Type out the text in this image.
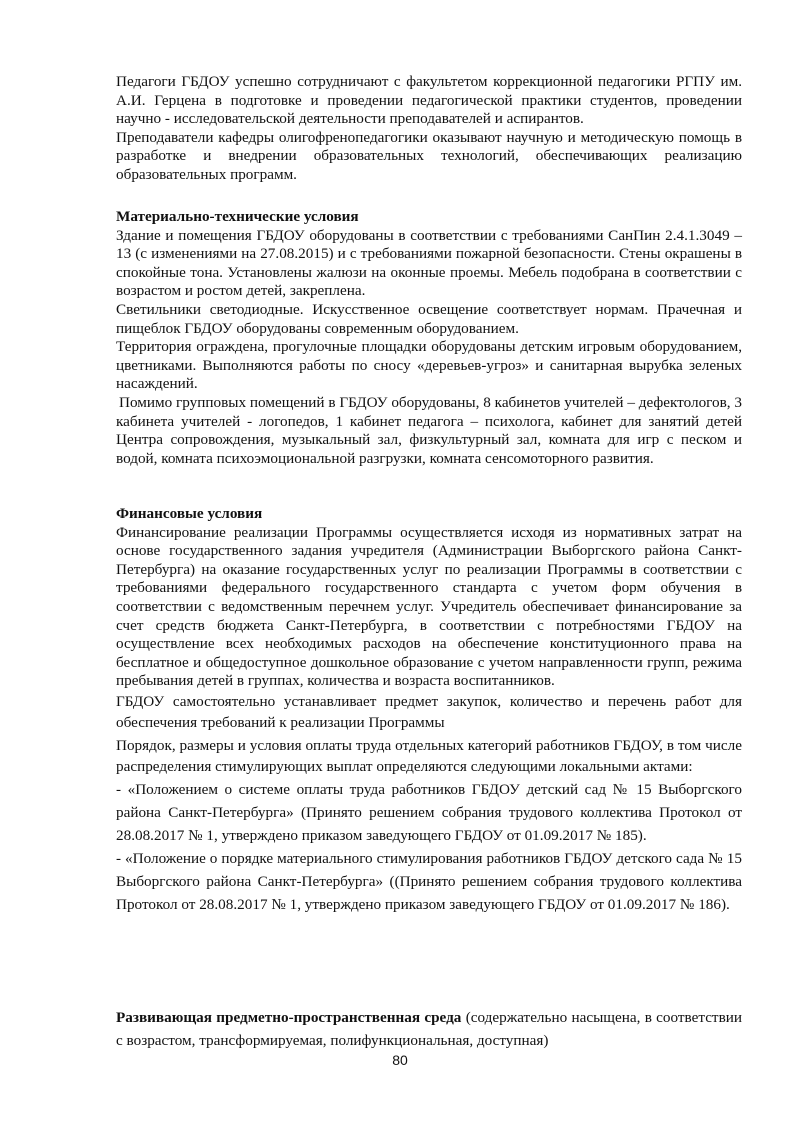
Педагоги ГБДОУ успешно сотрудничают с факультетом коррекционной педагогики РГПУ им. А.И. Герцена в подготовке и проведении педагогической практики студентов, проведении научно - исследовательской деятельности преподавателей и аспирантов.

Преподаватели кафедры олигофренопедагогики оказывают научную и методическую помощь в разработке и внедрении образовательных технологий, обеспечивающих реализацию образовательных программ.

Материально-технические условия

Здание и помещения ГБДОУ оборудованы в соответствии с требованиями СанПин 2.4.1.3049 – 13 (с изменениями на 27.08.2015) и с требованиями пожарной безопасности. Стены окрашены в спокойные тона. Установлены жалюзи на оконные проемы. Мебель подобрана в соответствии с возрастом и ростом детей, закреплена.

Светильники светодиодные. Искусственное освещение соответствует нормам. Прачечная и пищеблок ГБДОУ оборудованы современным оборудованием.

Территория ограждена, прогулочные площадки оборудованы детским игровым оборудованием, цветниками. Выполняются работы по сносу «деревьев-угроз» и санитарная вырубка зеленых насаждений.

Помимо групповых помещений в ГБДОУ оборудованы, 8 кабинетов учителей – дефектологов, 3 кабинета учителей - логопедов, 1 кабинет педагога – психолога, кабинет для занятий детей Центра сопровождения, музыкальный зал, физкультурный зал, комната для игр с песком и водой, комната психоэмоциональной разгрузки, комната сенсомоторного развития.

Финансовые условия

Финансирование реализации Программы осуществляется исходя из нормативных затрат на основе государственного задания учредителя (Администрации Выборгского района Санкт-Петербурга) на оказание государственных услуг по реализации Программы в соответствии с требованиями федерального государственного стандарта с учетом форм обучения в соответствии с ведомственным перечнем услуг. Учредитель обеспечивает финансирование за счет средств бюджета Санкт-Петербурга, в соответствии с потребностями ГБДОУ на осуществление всех необходимых расходов на обеспечение конституционного права на бесплатное и общедоступное дошкольное образование с учетом направленности групп, режима пребывания детей в группах, количества и возраста воспитанников.

ГБДОУ самостоятельно устанавливает предмет закупок, количество и перечень работ для обеспечения требований к реализации Программы

Порядок, размеры и условия оплаты труда отдельных категорий работников ГБДОУ, в том числе распределения стимулирующих выплат определяются следующими локальными актами:

- «Положением о системе оплаты труда работников ГБДОУ детский сад № 15 Выборгского района Санкт-Петербурга» (Принято решением собрания трудового коллектива Протокол от 28.08.2017 № 1, утверждено приказом заведующего ГБДОУ от 01.09.2017 № 185).

- «Положение о порядке материального стимулирования работников ГБДОУ детского сада № 15 Выборгского района Санкт-Петербурга» ((Принято решением собрания трудового коллектива Протокол от 28.08.2017 № 1, утверждено приказом заведующего ГБДОУ от 01.09.2017 № 186).

Развивающая предметно-пространственная среда (содержательно насыщена, в соответствии с возрастом, трансформируемая, полифункциональная, доступная)

80
